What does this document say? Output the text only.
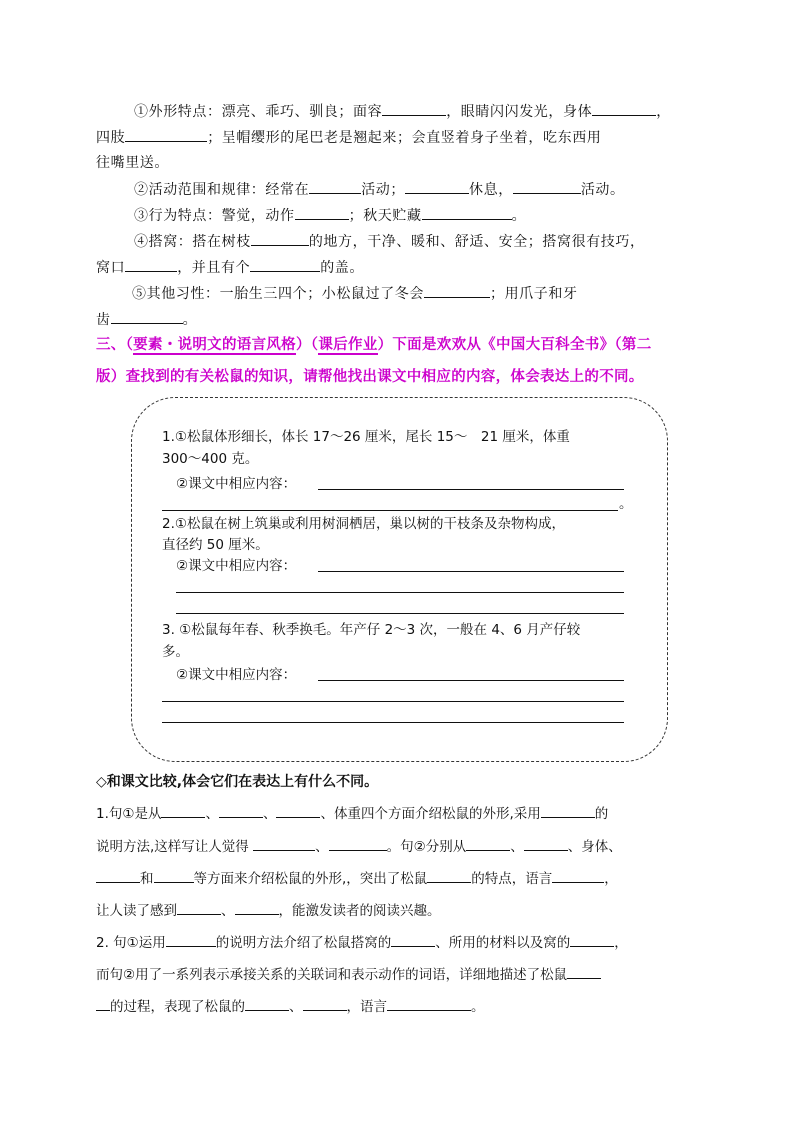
①外形特点：漂亮、乖巧、驯良；面容	，眼睛闪闪发光，身体	，
四肢	；呈帽缨形的尾巴老是翘起来；会直竖着身子坐着，吃东西用
往嘴里送。
②活动范围和规律：经常在	活动；	休息，	活动。
③行为特点：警觉，动作	；秋天贮藏	。
④搭窝：搭在树枝	的地方，干净、暖和、舒适、安全；搭窝很有技巧，
窝口	，并且有个	的盖。
⑤其他习性：一胎生三四个；小松鼠过了冬会	；用爪子和牙
齿	。
三、（要素・说明文的语言风格）（课后作业）下面是欢欢从《中国大百科全书》（第二
版）查找到的有关松鼠的知识，请帮他找出课文中相应的内容，体会表达上的不同。
1.①松鼠体形细长，体长 17～26 厘米，尾长 15～　21 厘米，体重
300～400 克。
②课文中相应内容：
。
2.①松鼠在树上筑巢或利用树洞栖居，巢以树的干枝条及杂物构成，
直径约 50 厘米。
②课文中相应内容：
3. ①松鼠每年春、秋季换毛。年产仔 2～3 次，一般在 4、6 月产仔较
多。
②课文中相应内容：
◇和课文比较,体会它们在表达上有什么不同。
1.句①是从	、	、	、体重四个方面介绍松鼠的外形,采用	的
说明方法,这样写让人觉得	、	。句②分别从	、	、身体、
和	等方面来介绍松鼠的外形,，突出了松鼠	的特点，语言	，
让人读了感到	、	，能激发读者的阅读兴趣。
2. 句①运用	的说明方法介绍了松鼠搭窝的	、所用的材料以及窝的	，
而句②用了一系列表示承接关系的关联词和表示动作的词语，详细地描述了松鼠
的过程，表现了松鼠的	、	，语言	。
